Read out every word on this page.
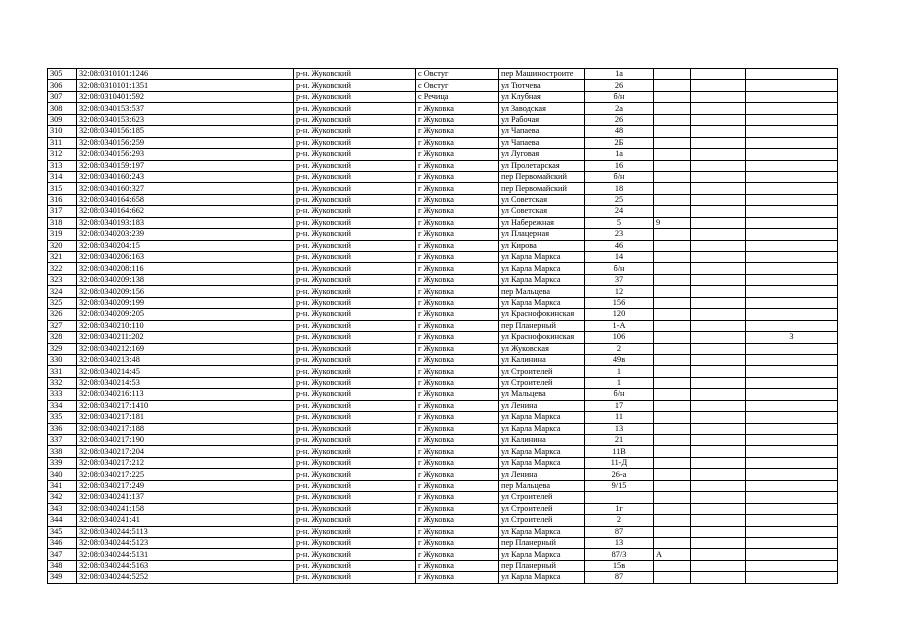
305	32:08:0310101:1246	р-н. Жуковский	с Овстуг	пер Машиностроите	1а			
306	32:08:0310101:1351	р-н. Жуковский	с Овстуг	ул Тютчева	26			
307	32:08:0310401:592	р-н. Жуковский	с Речица	ул Клубная	б/н			
308	32:08:0340153:537	р-н. Жуковский	г Жуковка	ул Заводская	2а			
309	32:08:0340153:623	р-н. Жуковский	г Жуковка	ул Рабочая	26			
310	32:08:0340156:185	р-н. Жуковский	г Жуковка	ул Чапаева	48			
311	32:08:0340156:259	р-н. Жуковский	г Жуковка	ул Чапаева	2Б			
312	32:08:0340156:293	р-н. Жуковский	г Жуковка	ул Луговая	1а			
313	32:08:0340159:197	р-н. Жуковский	г Жуковка	ул Пролетарская	16			
314	32:08:0340160:243	р-н. Жуковский	г Жуковка	пер Первомайский	б/н			
315	32:08:0340160:327	р-н. Жуковский	г Жуковка	пер Первомайский	18			
316	32:08:0340164:658	р-н. Жуковский	г Жуковка	ул Советская	25			
317	32:08:0340164:662	р-н. Жуковский	г Жуковка	ул Советская	24			
318	32:08:0340193:183	р-н. Жуковский	г Жуковка	ул Набережная	5	9		
319	32:08:0340203:239	р-н. Жуковский	г Жуковка	ул Плацерная	23			
320	32:08:0340204:15	р-н. Жуковский	г Жуковка	ул Кирова	46			
321	32:08:0340206:163	р-н. Жуковский	г Жуковка	ул Карла Маркса	14			
322	32:08:0340208:116	р-н. Жуковский	г Жуковка	ул Карла Маркса	б/н			
323	32:08:0340209:138	р-н. Жуковский	г Жуковка	ул Карла Маркса	37			
324	32:08:0340209:156	р-н. Жуковский	г Жуковка	пер Мальцева	12			
325	32:08:0340209:199	р-н. Жуковский	г Жуковка	ул Карла Маркса	156			
326	32:08:0340209:205	р-н. Жуковский	г Жуковка	ул Краснофокинская	120			
327	32:08:0340210:110	р-н. Жуковский	г Жуковка	пер Планерный	1-А			
328	32:08:0340211:202	р-н. Жуковский	г Жуковка	ул Краснофокинская	106			3
329	32:08:0340212:169	р-н. Жуковский	г Жуковка	ул Жуковская	2			
330	32:08:0340213:48	р-н. Жуковский	г Жуковка	ул Калинина	49в			
331	32:08:0340214:45	р-н. Жуковский	г Жуковка	ул Строителей	1			
332	32:08:0340214:53	р-н. Жуковский	г Жуковка	ул Строителей	1			
333	32:08:0340216:113	р-н. Жуковский	г Жуковка	ул Мальцева	б/н			
334	32:08:0340217:1410	р-н. Жуковский	г Жуковка	ул Ленина	17			
335	32:08:0340217:181	р-н. Жуковский	г Жуковка	ул Карла Маркса	11			
336	32:08:0340217:188	р-н. Жуковский	г Жуковка	ул Карла Маркса	13			
337	32:08:0340217:190	р-н. Жуковский	г Жуковка	ул Калинина	21			
338	32:08:0340217:204	р-н. Жуковский	г Жуковка	ул Карла Маркса	11В			
339	32:08:0340217:212	р-н. Жуковский	г Жуковка	ул Карла Маркса	11-Д			
340	32:08:0340217:225	р-н. Жуковский	г Жуковка	ул Ленина	26-а			
341	32:08:0340217:249	р-н. Жуковский	г Жуковка	пер Мальцева	9/15			
342	32:08:0340241:137	р-н. Жуковский	г Жуковка	ул Строителей				
343	32:08:0340241:158	р-н. Жуковский	г Жуковка	ул Строителей	1г			
344	32:08:0340241:41	р-н. Жуковский	г Жуковка	ул Строителей	2			
345	32:08:0340244:5113	р-н. Жуковский	г Жуковка	ул Карла Маркса	87			
346	32:08:0340244:5123	р-н. Жуковский	г Жуковка	пер Планерный	13			
347	32:08:0340244:5131	р-н. Жуковский	г Жуковка	ул Карла Маркса	87/3	А		
348	32:08:0340244:5163	р-н. Жуковский	г Жуковка	пер Планерный	15в			
349	32:08:0340244:5252	р-н. Жуковский	г Жуковка	ул Карла Маркса	87			
